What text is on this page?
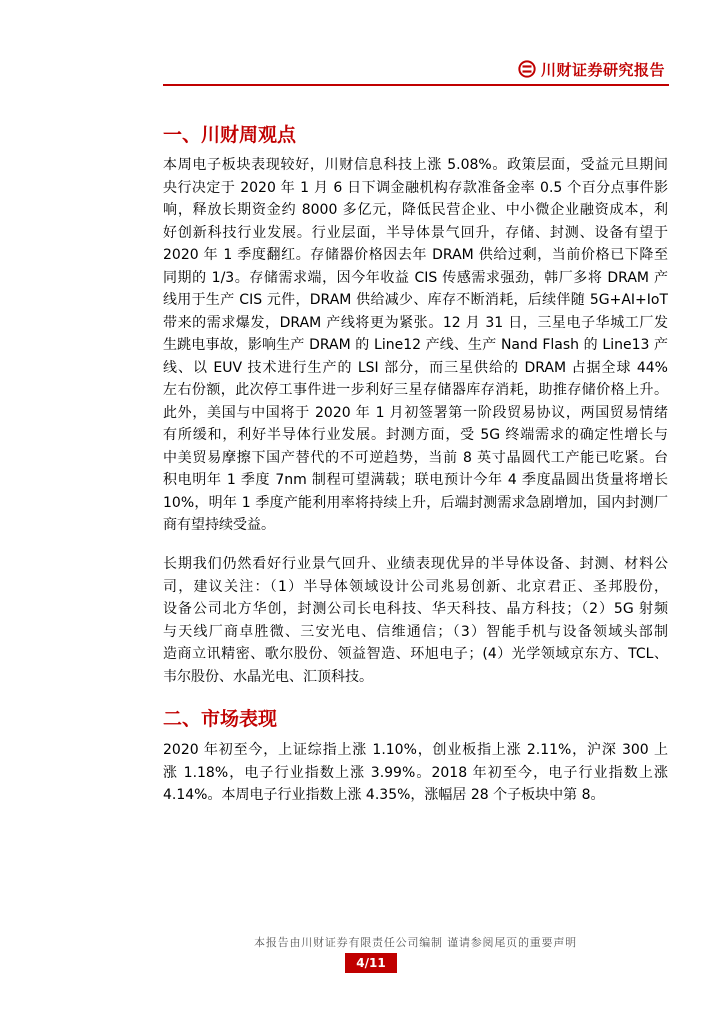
川财证券研究报告
一、川财周观点
本周电子板块表现较好，川财信息科技上涨 5.08%。政策层面，受益元旦期间
央行决定于 2020 年 1 月 6 日下调金融机构存款准备金率 0.5 个百分点事件影
响，释放长期资金约 8000 多亿元，降低民营企业、中小微企业融资成本，利
好创新科技行业发展。行业层面，半导体景气回升，存储、封测、设备有望于
2020 年 1 季度翻红。存储器价格因去年 DRAM 供给过剩，当前价格已下降至
同期的 1/3。存储需求端，因今年收益 CIS 传感需求强劲，韩厂多将 DRAM 产
线用于生产 CIS 元件，DRAM 供给减少、库存不断消耗，后续伴随 5G+AI+IoT
带来的需求爆发，DRAM 产线将更为紧张。12 月 31 日，三星电子华城工厂发
生跳电事故，影响生产 DRAM 的 Line12 产线、生产 Nand Flash 的 Line13 产
线、以 EUV 技术进行生产的 LSI 部分，而三星供给的 DRAM 占据全球 44%
左右份额，此次停工事件进一步利好三星存储器库存消耗，助推存储价格上升。
此外，美国与中国将于 2020 年 1 月初签署第一阶段贸易协议，两国贸易情绪
有所缓和，利好半导体行业发展。封测方面，受 5G 终端需求的确定性增长与
中美贸易摩擦下国产替代的不可逆趋势，当前 8 英寸晶圆代工产能已吃紧。台
积电明年 1 季度 7nm 制程可望满载；联电预计今年 4 季度晶圆出货量将增长
10%，明年 1 季度产能利用率将持续上升，后端封测需求急剧增加，国内封测厂
商有望持续受益。
长期我们仍然看好行业景气回升、业绩表现优异的半导体设备、封测、材料公
司，建议关注：（1）半导体领域设计公司兆易创新、北京君正、圣邦股份，
设备公司北方华创，封测公司长电科技、华天科技、晶方科技；（2）5G 射频
与天线厂商卓胜微、三安光电、信维通信；（3）智能手机与设备领域头部制
造商立讯精密、歌尔股份、领益智造、环旭电子；(4）光学领域京东方、TCL、
韦尔股份、水晶光电、汇顶科技。
二、市场表现
2020 年初至今，上证综指上涨 1.10%，创业板指上涨 2.11%，沪深 300 上
涨 1.18%，电子行业指数上涨 3.99%。2018 年初至今，电子行业指数上涨
4.14%。本周电子行业指数上涨 4.35%，涨幅居 28 个子板块中第 8。

本报告由川财证券有限责任公司编制 谨请参阅尾页的重要声明

4/11
